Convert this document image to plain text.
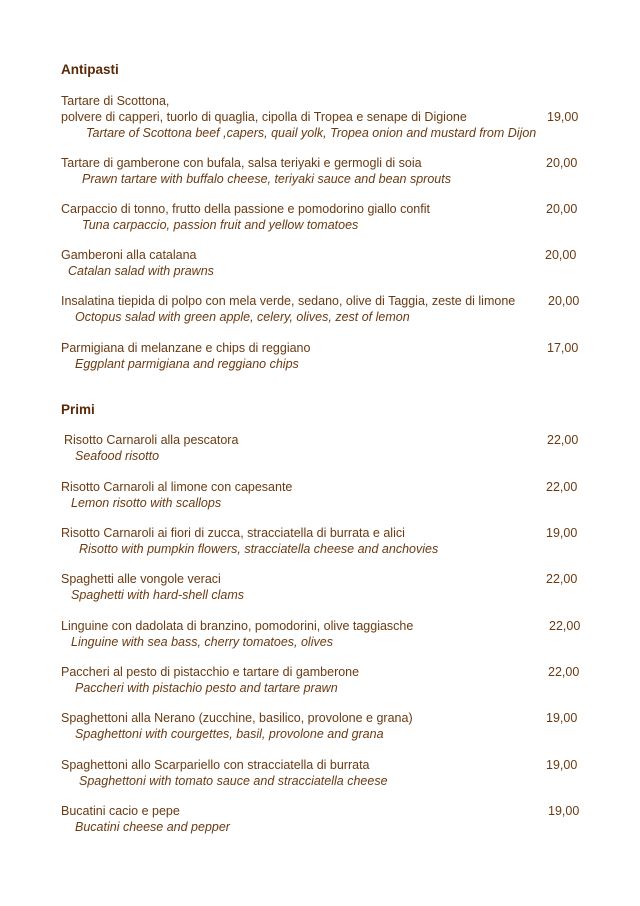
Antipasti
Tartare di Scottona,
polvere di capperi, tuorlo di quaglia, cipolla di Tropea e senape di Digione
Tartare of Scottona beef ,capers, quail yolk, Tropea onion and mustard from Dijon
19,00
Tartare di gamberone con bufala, salsa teriyaki e germogli di soia
Prawn tartare with buffalo cheese, teriyaki sauce and bean sprouts
20,00
Carpaccio di tonno, frutto della passione e pomodorino giallo confit
Tuna carpaccio, passion fruit and yellow tomatoes
20,00
Gamberoni alla catalana
Catalan salad with prawns
20,00
Insalatina tiepida di polpo con mela verde, sedano, olive di Taggia, zeste di limone
Octopus salad with green apple, celery, olives, zest of lemon
20,00
Parmigiana di melanzane e chips di reggiano
Eggplant parmigiana and reggiano chips
17,00
Primi
Risotto Carnaroli alla pescatora
Seafood risotto
22,00
Risotto Carnaroli al limone con capesante
Lemon risotto with scallops
22,00
Risotto Carnaroli ai fiori di zucca, stracciatella di burrata e alici
Risotto with pumpkin flowers, stracciatella cheese and anchovies
19,00
Spaghetti alle vongole veraci
Spaghetti with hard-shell clams
22,00
Linguine con dadolata di branzino, pomodorini, olive taggiasche
Linguine with sea bass, cherry tomatoes, olives
22,00
Paccheri al pesto di pistacchio e tartare di gamberone
Paccheri with pistachio pesto and tartare prawn
22,00
Spaghettoni alla Nerano (zucchine, basilico, provolone e grana)
Spaghettoni with courgettes, basil, provolone and grana
19,00
Spaghettoni allo Scarpariello con stracciatella di burrata
Spaghettoni with tomato sauce and stracciatella cheese
19,00
Bucatini cacio e pepe
Bucatini cheese and pepper
19,00
